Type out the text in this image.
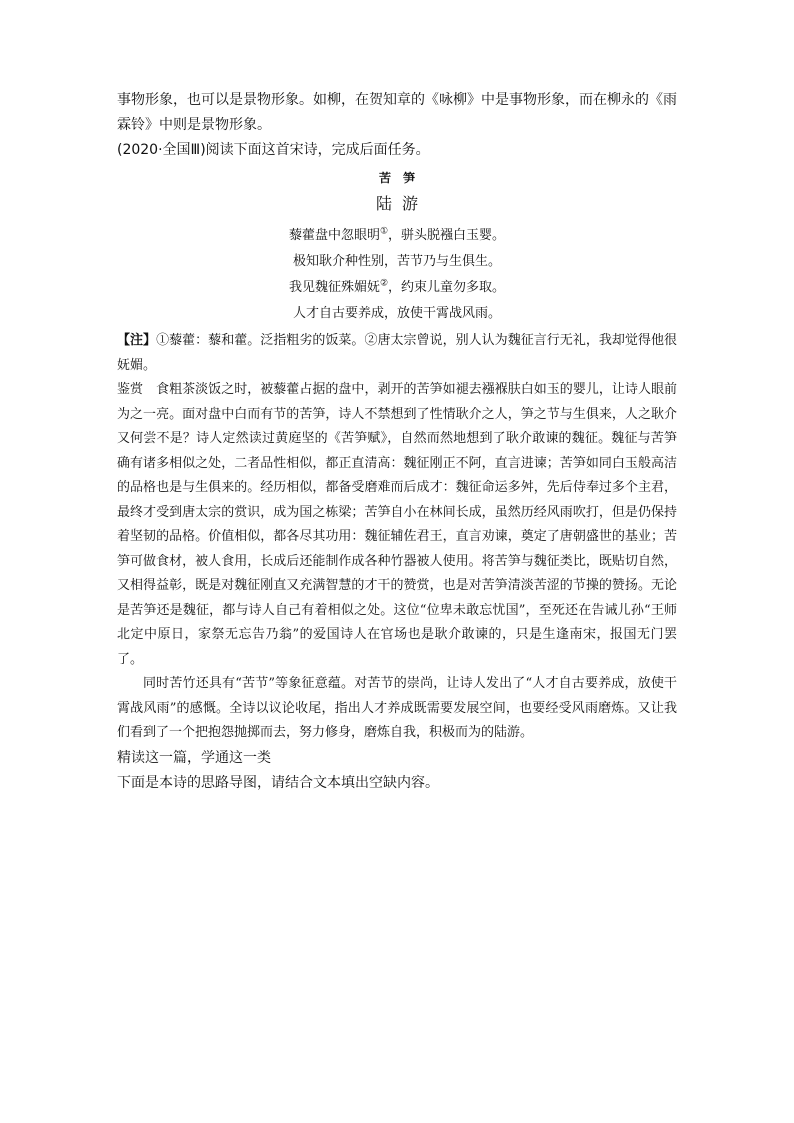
事物形象，也可以是景物形象。如柳，在贺知章的《咏柳》中是事物形象，而在柳永的《雨霖铃》中则是景物形象。

(2020·全国Ⅲ)阅读下面这首宋诗，完成后面任务。

苦笋

陆游

藜藿盘中忽眼明①，骈头脱襁白玉婴。

极知耿介种性别，苦节乃与生俱生。

我见魏征殊媚妩②，约束儿童勿多取。

人才自古要养成，放使干霄战风雨。

【注】①藜藿：藜和藿。泛指粗劣的饭菜。②唐太宗曾说，别人认为魏征言行无礼，我却觉得他很妩媚。

鉴赏　食粗茶淡饭之时，被藜藿占据的盘中，剥开的苦笋如褪去襁褓肤白如玉的婴儿，让诗人眼前为之一亮。面对盘中白而有节的苦笋，诗人不禁想到了性情耿介之人，笋之节与生俱来，人之耿介又何尝不是？诗人定然读过黄庭坚的《苦笋赋》，自然而然地想到了耿介敢谏的魏征。魏征与苦笋确有诸多相似之处，二者品性相似，都正直清高：魏征刚正不阿，直言进谏；苦笋如同白玉般高洁的品格也是与生俱来的。经历相似，都备受磨难而后成才：魏征命运多舛，先后侍奉过多个主君，最终才受到唐太宗的赏识，成为国之栋梁；苦笋自小在林间长成，虽然历经风雨吹打，但是仍保持着坚韧的品格。价值相似，都各尽其功用：魏征辅佐君王，直言劝谏，奠定了唐朝盛世的基业；苦笋可做食材，被人食用，长成后还能制作成各种竹器被人使用。将苦笋与魏征类比，既贴切自然，又相得益彰，既是对魏征刚直又充满智慧的才干的赞赏，也是对苦笋清淡苦涩的节操的赞扬。无论是苦笋还是魏征，都与诗人自己有着相似之处。这位“位卑未敢忘忧国”，至死还在告诫儿孙“王师北定中原日，家祭无忘告乃翁”的爱国诗人在官场也是耿介敢谏的，只是生逢南宋，报国无门罢了。

同时苦竹还具有“苦节”等象征意蕴。对苦节的崇尚，让诗人发出了“人才自古要养成，放使干霄战风雨”的感慨。全诗以议论收尾，指出人才养成既需要发展空间，也要经受风雨磨炼。又让我们看到了一个把抱怨抛掷而去，努力修身，磨炼自我，积极而为的陆游。

精读这一篇，学通这一类

下面是本诗的思路导图，请结合文本填出空缺内容。
